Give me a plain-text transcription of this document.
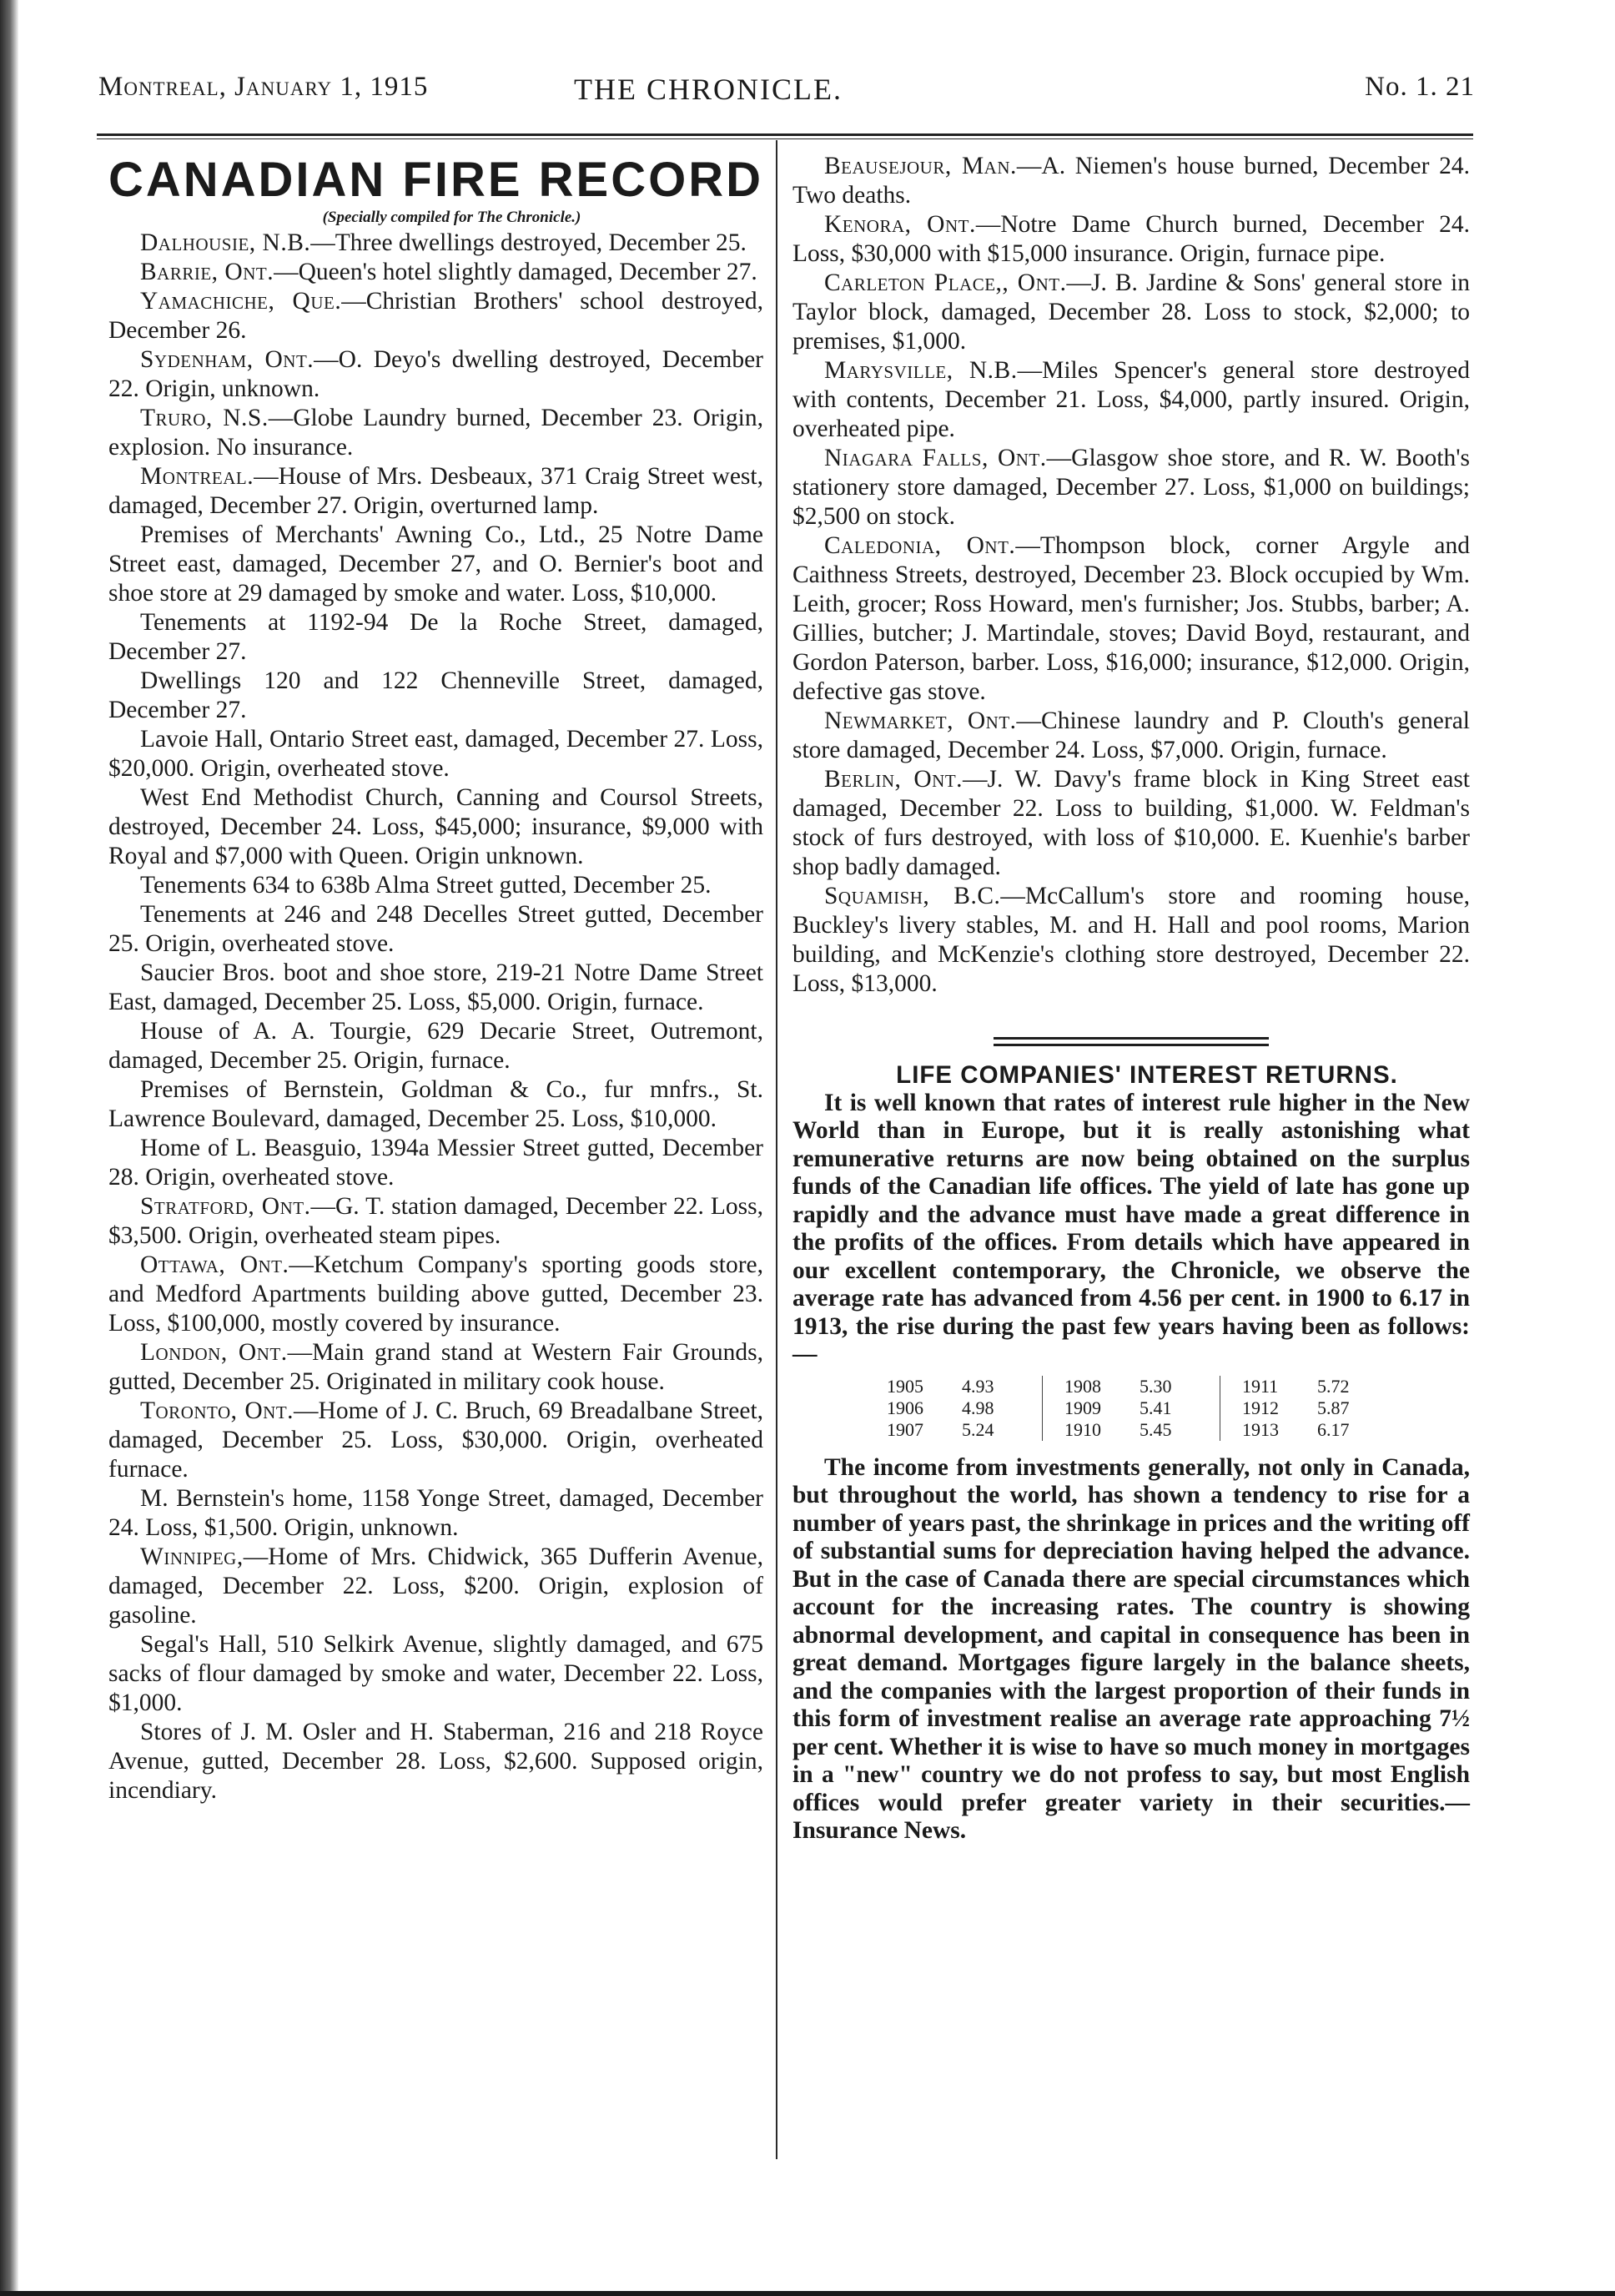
Montreal, January 1, 1915	THE CHRONICLE.	No. 1. 21
CANADIAN FIRE RECORD

(Specially compiled for The Chronicle.)

Dalhousie, N.B.—Three dwellings destroyed, December 25.

Barrie, Ont.—Queen's hotel slightly damaged, December 27.

Yamachiche, Que.—Christian Brothers' school destroyed, December 26.

Sydenham, Ont.—O. Deyo's dwelling destroyed, December 22. Origin, unknown.

Truro, N.S.—Globe Laundry burned, December 23. Origin, explosion. No insurance.

Montreal.—House of Mrs. Desbeaux, 371 Craig Street west, damaged, December 27. Origin, overturned lamp.

Premises of Merchants' Awning Co., Ltd., 25 Notre Dame Street east, damaged, December 27, and O. Bernier's boot and shoe store at 29 damaged by smoke and water. Loss, $10,000.

Tenements at 1192-94 De la Roche Street, damaged, December 27.

Dwellings 120 and 122 Chenneville Street, damaged, December 27.

Lavoie Hall, Ontario Street east, damaged, December 27. Loss, $20,000. Origin, overheated stove.

West End Methodist Church, Canning and Coursol Streets, destroyed, December 24. Loss, $45,000; insurance, $9,000 with Royal and $7,000 with Queen. Origin unknown.

Tenements 634 to 638b Alma Street gutted, December 25.

Tenements at 246 and 248 Decelles Street gutted, December 25. Origin, overheated stove.

Saucier Bros. boot and shoe store, 219-21 Notre Dame Street East, damaged, December 25. Loss, $5,000. Origin, furnace.

House of A. A. Tourgie, 629 Decarie Street, Outremont, damaged, December 25. Origin, furnace.

Premises of Bernstein, Goldman & Co., fur mnfrs., St. Lawrence Boulevard, damaged, December 25. Loss, $10,000.

Home of L. Beasguio, 1394a Messier Street gutted, December 28. Origin, overheated stove.

Stratford, Ont.—G. T. station damaged, December 22. Loss, $3,500. Origin, overheated steam pipes.

Ottawa, Ont.—Ketchum Company's sporting goods store, and Medford Apartments building above gutted, December 23. Loss, $100,000, mostly covered by insurance.

London, Ont.—Main grand stand at Western Fair Grounds, gutted, December 25. Originated in military cook house.

Toronto, Ont.—Home of J. C. Bruch, 69 Breadalbane Street, damaged, December 25. Loss, $30,000. Origin, overheated furnace.

M. Bernstein's home, 1158 Yonge Street, damaged, December 24. Loss, $1,500. Origin, unknown.

Winnipeg,—Home of Mrs. Chidwick, 365 Dufferin Avenue, damaged, December 22. Loss, $200. Origin, explosion of gasoline.

Segal's Hall, 510 Selkirk Avenue, slightly damaged, and 675 sacks of flour damaged by smoke and water, December 22. Loss, $1,000.

Stores of J. M. Osler and H. Staberman, 216 and 218 Royce Avenue, gutted, December 28. Loss, $2,600. Supposed origin, incendiary.

Beausejour, Man.—A. Niemen's house burned, December 24. Two deaths.

Kenora, Ont.—Notre Dame Church burned, December 24. Loss, $30,000 with $15,000 insurance. Origin, furnace pipe.

Carleton Place,, Ont.—J. B. Jardine & Sons' general store in Taylor block, damaged, December 28. Loss to stock, $2,000; to premises, $1,000.

Marysville, N.B.—Miles Spencer's general store destroyed with contents, December 21. Loss, $4,000, partly insured. Origin, overheated pipe.

Niagara Falls, Ont.—Glasgow shoe store, and R. W. Booth's stationery store damaged, December 27. Loss, $1,000 on buildings; $2,500 on stock.

Caledonia, Ont.—Thompson block, corner Argyle and Caithness Streets, destroyed, December 23. Block occupied by Wm. Leith, grocer; Ross Howard, men's furnisher; Jos. Stubbs, barber; A. Gillies, butcher; J. Martindale, stoves; David Boyd, restaurant, and Gordon Paterson, barber. Loss, $16,000; insurance, $12,000. Origin, defective gas stove.

Newmarket, Ont.—Chinese laundry and P. Clouth's general store damaged, December 24. Loss, $7,000. Origin, furnace.

Berlin, Ont.—J. W. Davy's frame block in King Street east damaged, December 22. Loss to building, $1,000. W. Feldman's stock of furs destroyed, with loss of $10,000. E. Kuenhie's barber shop badly damaged.

Squamish, B.C.—McCallum's store and rooming house, Buckley's livery stables, M. and H. Hall and pool rooms, Marion building, and McKenzie's clothing store destroyed, December 22. Loss, $13,000.

LIFE COMPANIES' INTEREST RETURNS.

It is well known that rates of interest rule higher in the New World than in Europe, but it is really astonishing what remunerative returns are now being obtained on the surplus funds of the Canadian life offices. The yield of late has gone up rapidly and the advance must have made a great difference in the profits of the offices. From details which have appeared in our excellent contemporary, the Chronicle, we observe the average rate has advanced from 4.56 per cent. in 1900 to 6.17 in 1913, the rise during the past few years having been as follows:—

1905	4.93
1906	4.98
1907	5.24
1908	5.30
1909	5.41
1910	5.45
1911	5.72
1912	5.87
1913	6.17

The income from investments generally, not only in Canada, but throughout the world, has shown a tendency to rise for a number of years past, the shrinkage in prices and the writing off of substantial sums for depreciation having helped the advance. But in the case of Canada there are special circumstances which account for the increasing rates. The country is showing abnormal development, and capital in consequence has been in great demand. Mortgages figure largely in the balance sheets, and the companies with the largest proportion of their funds in this form of investment realise an average rate approaching 7½ per cent. Whether it is wise to have so much money in mortgages in a "new" country we do not profess to say, but most English offices would prefer greater variety in their securities.—Insurance News.
